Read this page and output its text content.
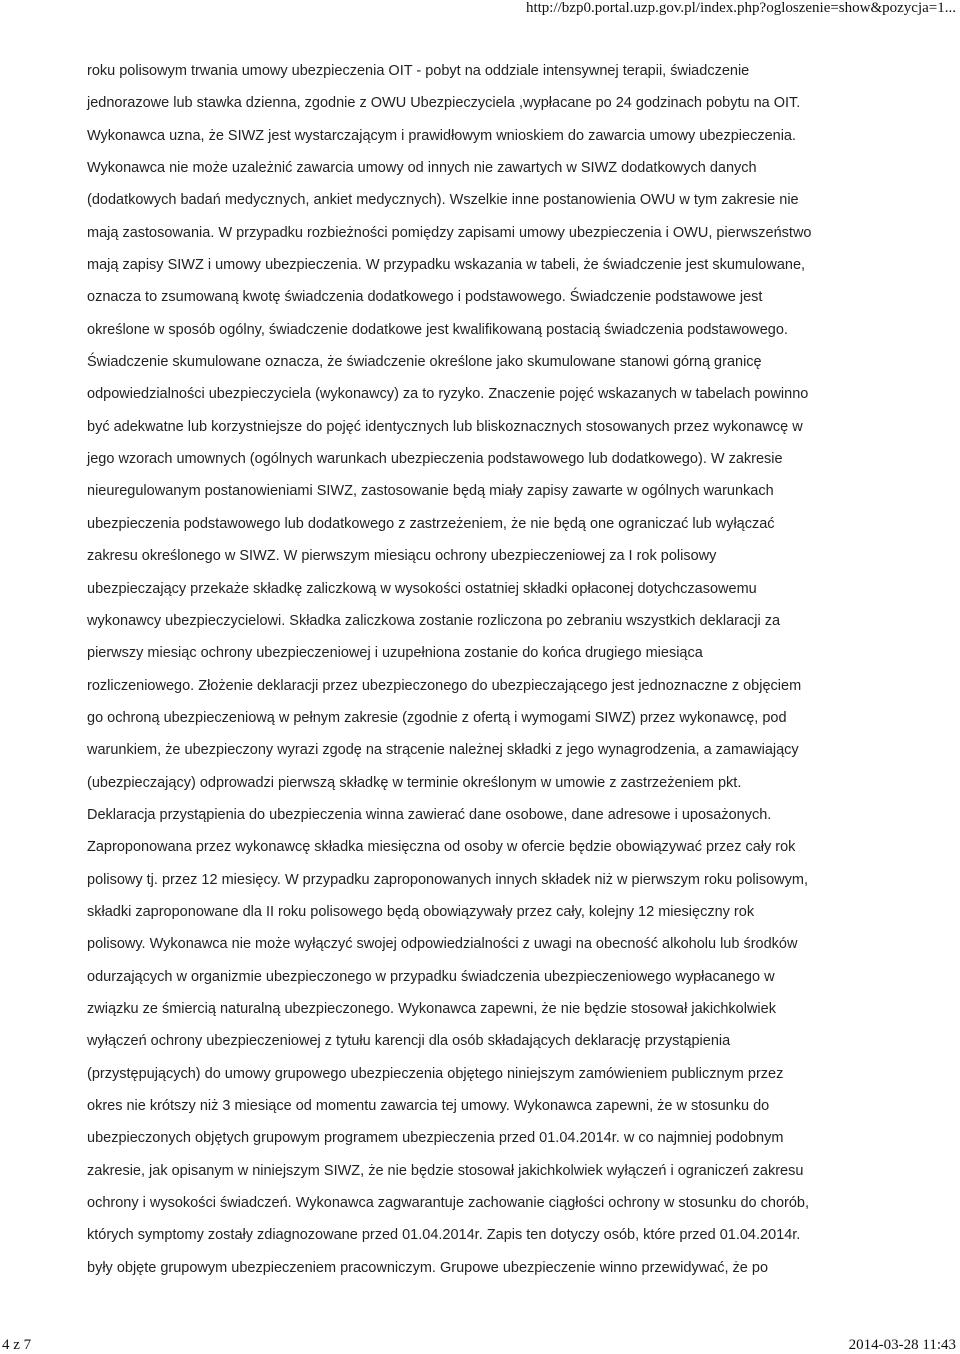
http://bzp0.portal.uzp.gov.pl/index.php?ogloszenie=show&pozycja=1...
roku polisowym trwania umowy ubezpieczenia OIT - pobyt na oddziale intensywnej terapii, świadczenie
jednorazowe lub stawka dzienna, zgodnie z OWU Ubezpieczyciela ,wypłacane po 24 godzinach pobytu na OIT.
Wykonawca uzna, że SIWZ jest wystarczającym i prawidłowym wnioskiem do zawarcia umowy ubezpieczenia.
Wykonawca nie może uzależnić zawarcia umowy od innych nie zawartych w SIWZ dodatkowych danych
(dodatkowych badań medycznych, ankiet medycznych). Wszelkie inne postanowienia OWU w tym zakresie nie
mają zastosowania. W przypadku rozbieżności pomiędzy zapisami umowy ubezpieczenia i OWU, pierwszeństwo
mają zapisy SIWZ i umowy ubezpieczenia. W przypadku wskazania w tabeli, że świadczenie jest skumulowane,
oznacza to zsumowaną kwotę świadczenia dodatkowego i podstawowego. Świadczenie podstawowe jest
określone w sposób ogólny, świadczenie dodatkowe jest kwalifikowaną postacią świadczenia podstawowego.
Świadczenie skumulowane oznacza, że świadczenie określone jako skumulowane stanowi górną granicę
odpowiedzialności ubezpieczyciela (wykonawcy) za to ryzyko. Znaczenie pojęć wskazanych w tabelach powinno
być adekwatne lub korzystniejsze do pojęć identycznych lub bliskoznacznych stosowanych przez wykonawcę w
jego wzorach umownych (ogólnych warunkach ubezpieczenia podstawowego lub dodatkowego). W zakresie
nieuregulowanym postanowieniami SIWZ, zastosowanie będą miały zapisy zawarte w ogólnych warunkach
ubezpieczenia podstawowego lub dodatkowego z zastrzeżeniem, że nie będą one ograniczać lub wyłączać
zakresu określonego w SIWZ. W pierwszym miesiącu ochrony ubezpieczeniowej za I rok polisowy
ubezpieczający przekaże składkę zaliczkową w wysokości ostatniej składki opłaconej dotychczasowemu
wykonawcy ubezpieczycielowi. Składka zaliczkowa zostanie rozliczona po zebraniu wszystkich deklaracji za
pierwszy miesiąc ochrony ubezpieczeniowej i uzupełniona zostanie do końca drugiego miesiąca
rozliczeniowego. Złożenie deklaracji przez ubezpieczonego do ubezpieczającego jest jednoznaczne z objęciem
go ochroną ubezpieczeniową w pełnym zakresie (zgodnie z ofertą i wymogami SIWZ) przez wykonawcę, pod
warunkiem, że ubezpieczony wyrazi zgodę na strącenie należnej składki z jego wynagrodzenia, a zamawiający
(ubezpieczający) odprowadzi pierwszą składkę w terminie określonym w umowie z zastrzeżeniem pkt.
Deklaracja przystąpienia do ubezpieczenia winna zawierać dane osobowe, dane adresowe i uposażonych.
Zaproponowana przez wykonawcę składka miesięczna od osoby w ofercie będzie obowiązywać przez cały rok
polisowy tj. przez 12 miesięcy. W przypadku zaproponowanych innych składek niż w pierwszym roku polisowym,
składki zaproponowane dla II roku polisowego będą obowiązywały przez cały, kolejny 12 miesięczny rok
polisowy. Wykonawca nie może wyłączyć swojej odpowiedzialności z uwagi na obecność alkoholu lub środków
odurzających w organizmie ubezpieczonego w przypadku świadczenia ubezpieczeniowego wypłacanego w
związku ze śmiercią naturalną ubezpieczonego. Wykonawca zapewni, że nie będzie stosował jakichkolwiek
wyłączeń ochrony ubezpieczeniowej z tytułu karencji dla osób składających deklarację przystąpienia
(przystępujących) do umowy grupowego ubezpieczenia objętego niniejszym zamówieniem publicznym przez
okres nie krótszy niż 3 miesiące od momentu zawarcia tej umowy. Wykonawca zapewni, że w stosunku do
ubezpieczonych objętych grupowym programem ubezpieczenia przed 01.04.2014r. w co najmniej podobnym
zakresie, jak opisanym w niniejszym SIWZ, że nie będzie stosował jakichkolwiek wyłączeń i ograniczeń zakresu
ochrony i wysokości świadczeń. Wykonawca zagwarantuje zachowanie ciągłości ochrony w stosunku do chorób,
których symptomy zostały zdiagnozowane przed 01.04.2014r. Zapis ten dotyczy osób, które przed 01.04.2014r.
były objęte grupowym ubezpieczeniem pracowniczym. Grupowe ubezpieczenie winno przewidywać, że po
4 z 7	2014-03-28 11:43
